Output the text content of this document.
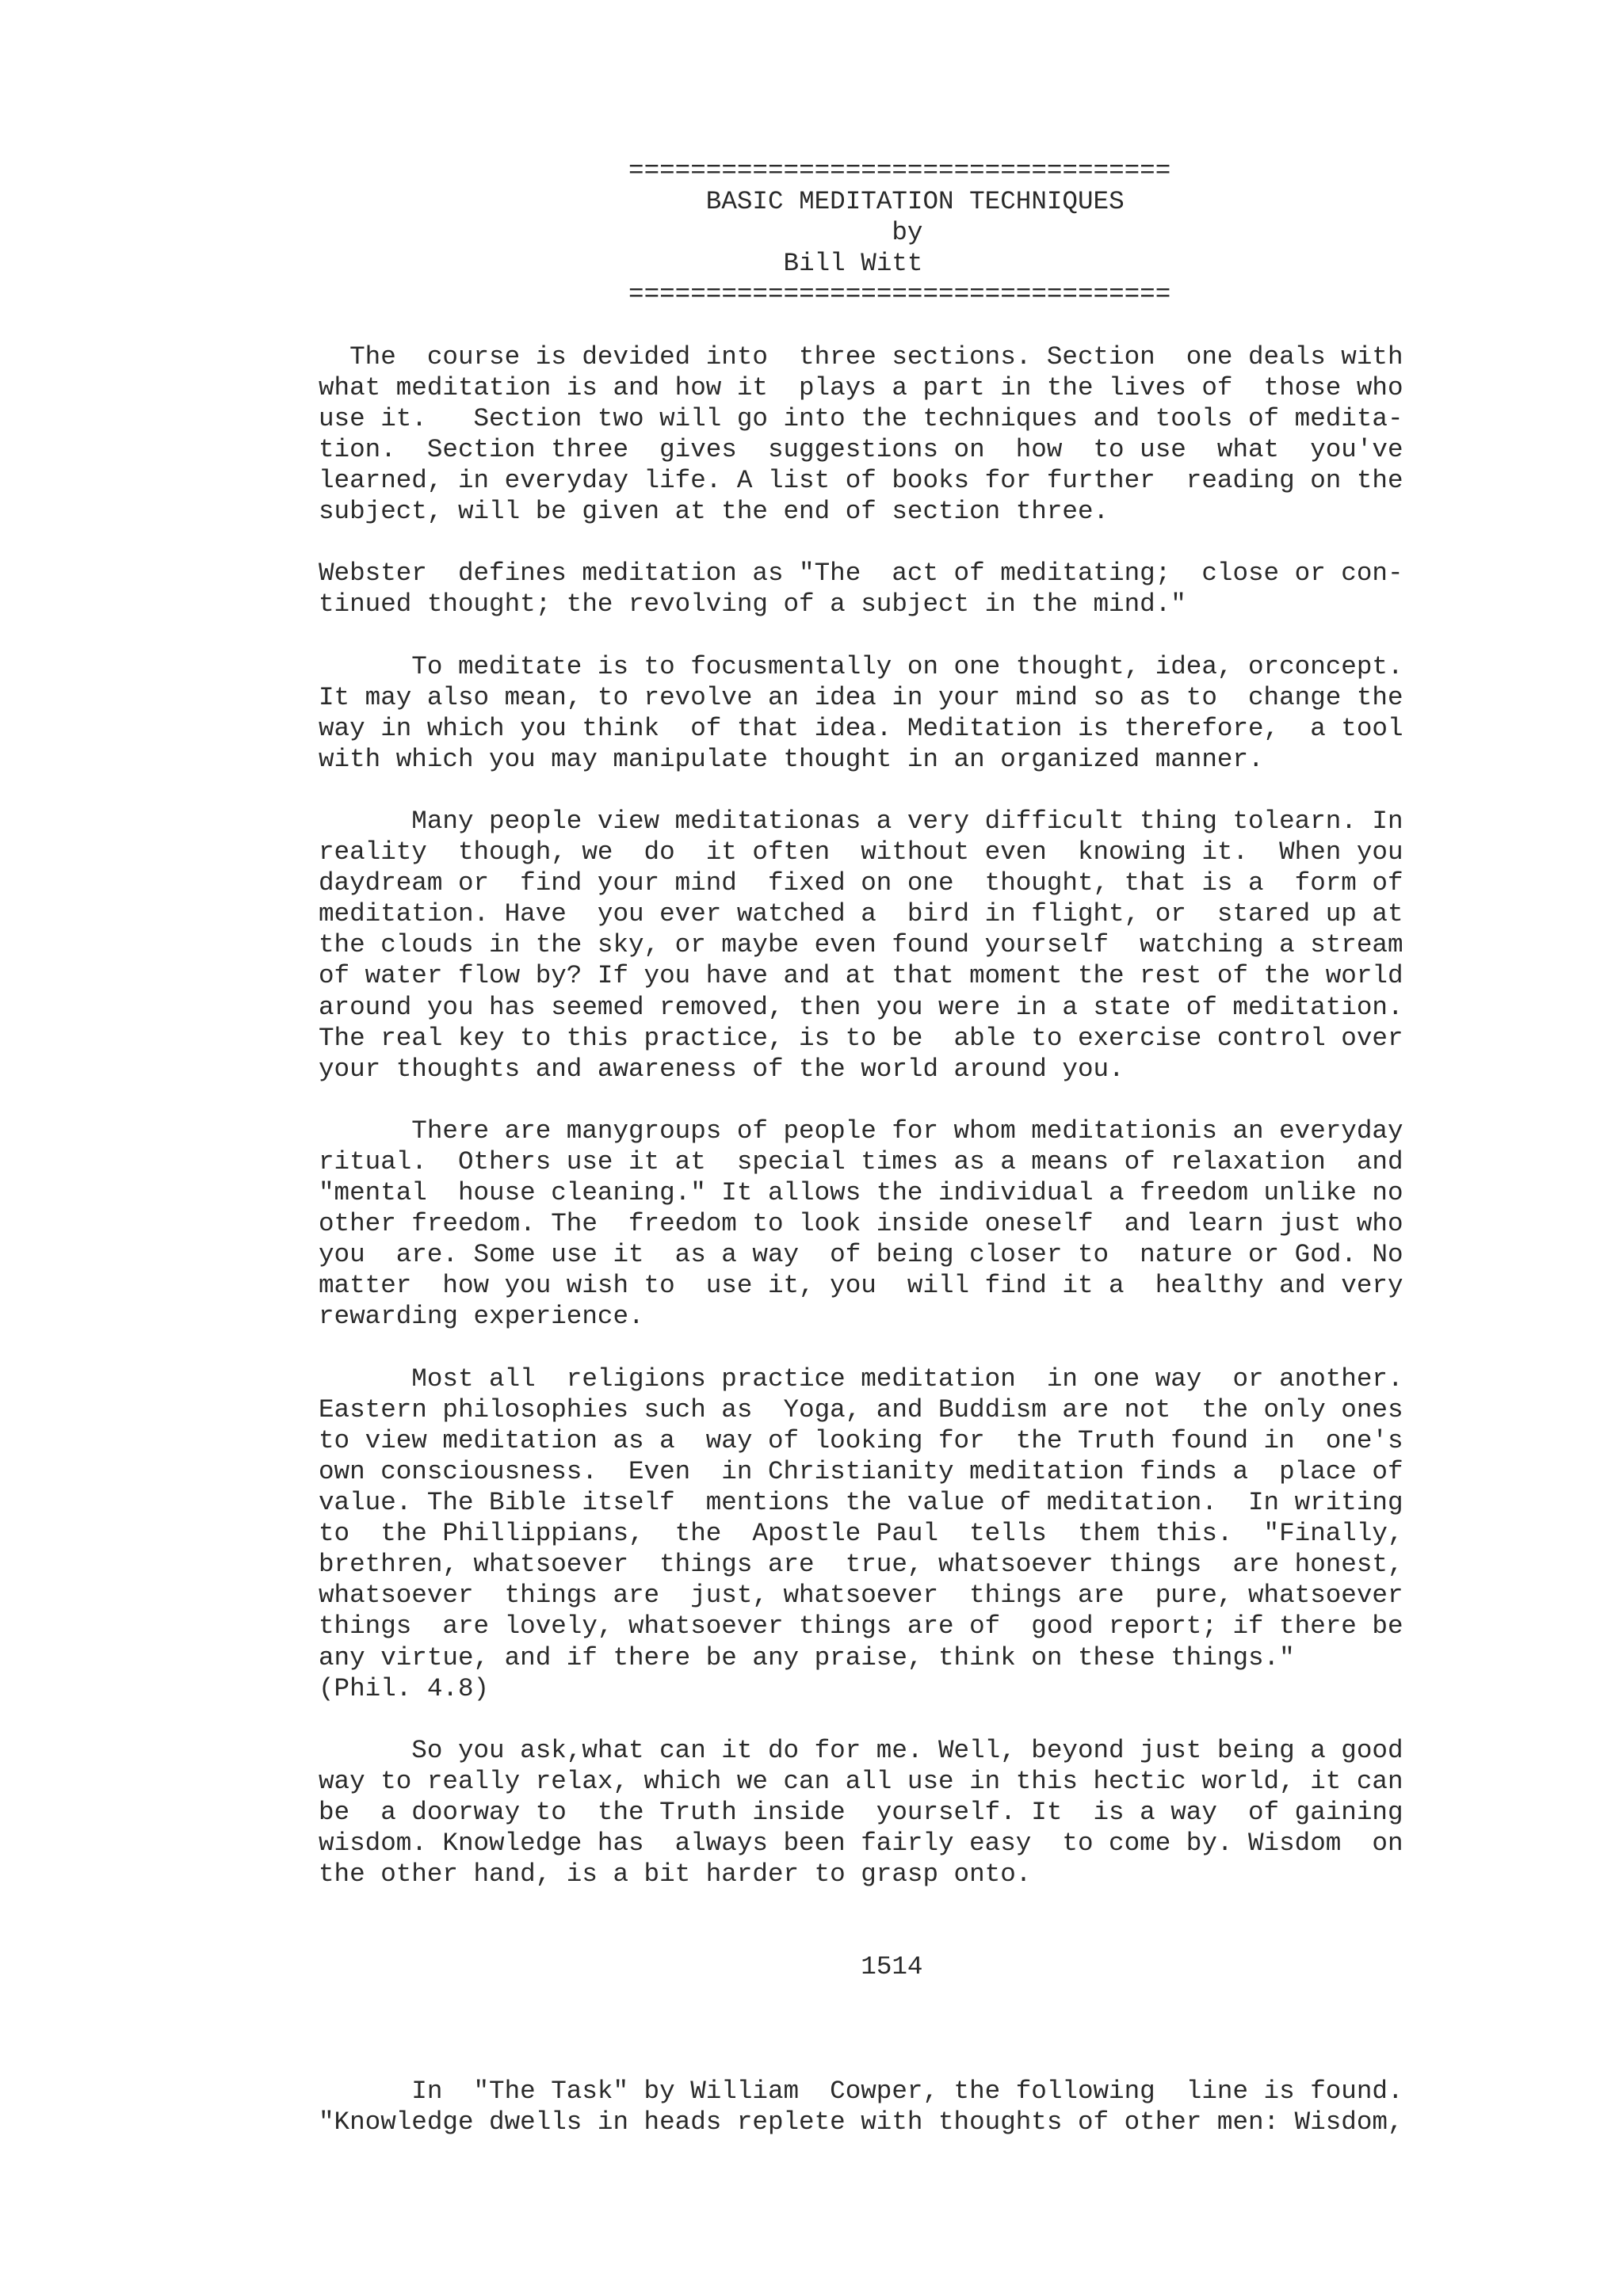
===================================
BASIC MEDITATION TECHNIQUES
by
Bill Witt
===================================
The  course is devided into  three sections. Section  one deals with
what meditation is and how it  plays a part in the lives of  those who
use it.   Section two will go into the techniques and tools of medita-
tion.  Section three  gives  suggestions on  how  to use  what  you've
learned, in everyday life. A list of books for further  reading on the
subject, will be given at the end of section three.
Webster  defines meditation as "The  act of meditating;  close or con-
tinued thought; the revolving of a subject in the mind."
To meditate is to focusmentally on one thought, idea, orconcept.
It may also mean, to revolve an idea in your mind so as to  change the
way in which you think  of that idea. Meditation is therefore,  a tool
with which you may manipulate thought in an organized manner.
Many people view meditationas a very difficult thing tolearn. In
reality  though, we  do  it often  without even  knowing it.  When you
daydream or  find your mind  fixed on one  thought, that is a  form of
meditation. Have  you ever watched a  bird in flight, or  stared up at
the clouds in the sky, or maybe even found yourself  watching a stream
of water flow by? If you have and at that moment the rest of the world
around you has seemed removed, then you were in a state of meditation.
The real key to this practice, is to be  able to exercise control over
your thoughts and awareness of the world around you.
There are manygroups of people for whom meditationis an everyday
ritual.  Others use it at  special times as a means of relaxation  and
"mental  house cleaning." It allows the individual a freedom unlike no
other freedom. The  freedom to look inside oneself  and learn just who
you  are. Some use it  as a way  of being closer to  nature or God. No
matter  how you wish to  use it, you  will find it a  healthy and very
rewarding experience.
Most all  religions practice meditation  in one way  or another.
Eastern philosophies such as  Yoga, and Buddism are not  the only ones
to view meditation as a  way of looking for  the Truth found in  one's
own consciousness.  Even  in Christianity meditation finds a  place of
value. The Bible itself  mentions the value of meditation.  In writing
to  the Phillippians,  the  Apostle Paul  tells  them this.  "Finally,
brethren, whatsoever  things are  true, whatsoever things  are honest,
whatsoever  things are  just, whatsoever  things are  pure, whatsoever
things  are lovely, whatsoever things are of  good report; if there be
any virtue, and if there be any praise, think on these things."
(Phil. 4.8)
So you ask,what can it do for me. Well, beyond just being a good
way to really relax, which we can all use in this hectic world, it can
be  a doorway to  the Truth inside  yourself. It  is a way  of gaining
wisdom. Knowledge has  always been fairly easy  to come by. Wisdom  on
the other hand, is a bit harder to grasp onto.
1514
In  "The Task" by William  Cowper, the following  line is found.
"Knowledge dwells in heads replete with thoughts of other men: Wisdom,
